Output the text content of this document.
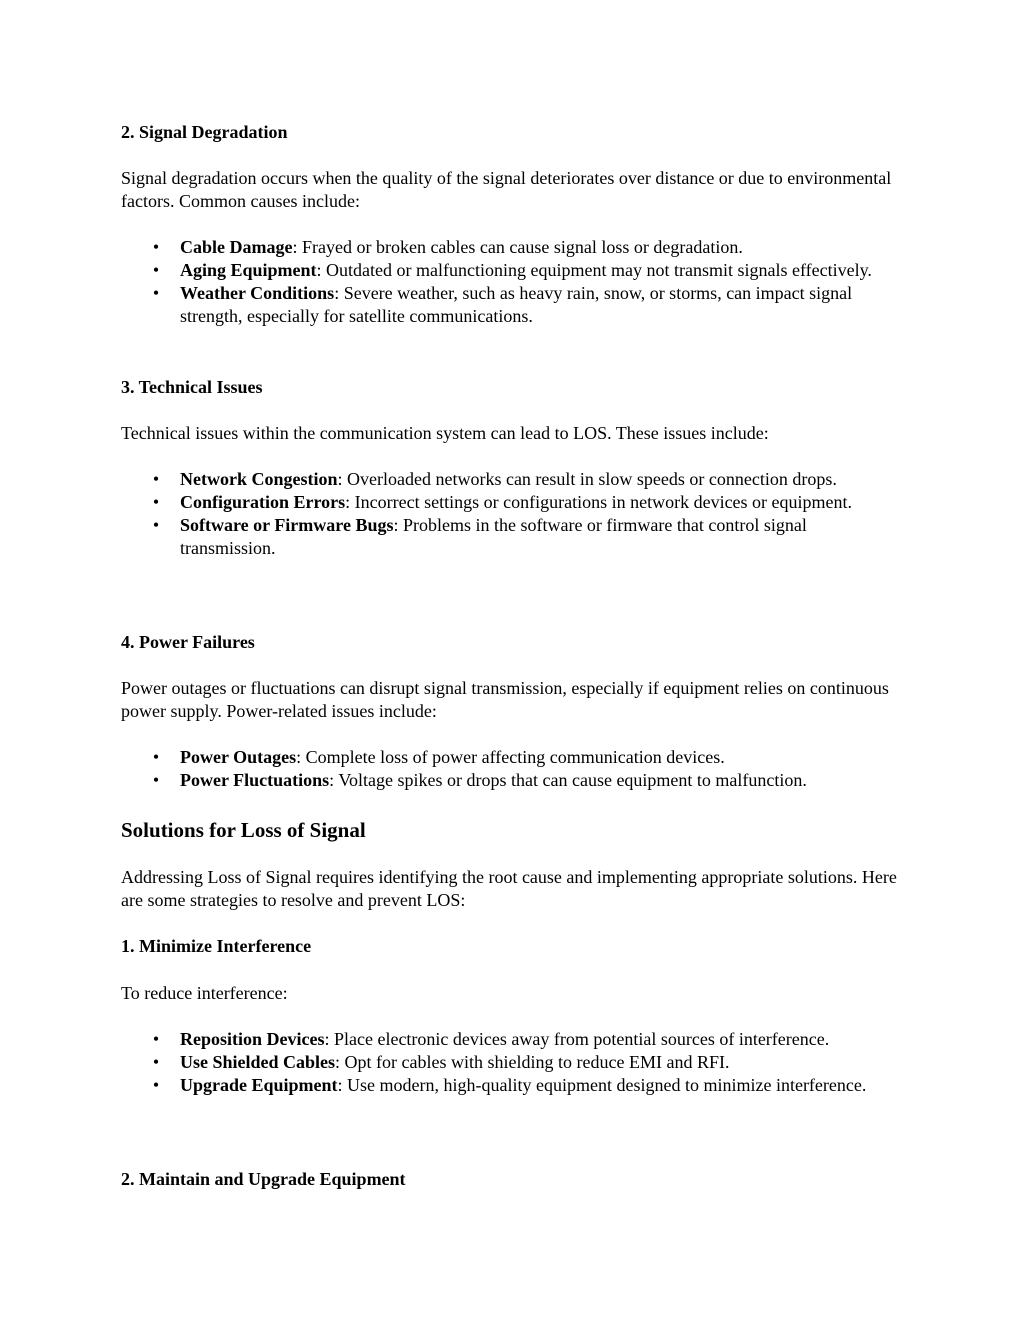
2. Signal Degradation

Signal degradation occurs when the quality of the signal deteriorates over distance or due to environmental factors. Common causes include:

• Cable Damage: Frayed or broken cables can cause signal loss or degradation.
• Aging Equipment: Outdated or malfunctioning equipment may not transmit signals effectively.
• Weather Conditions: Severe weather, such as heavy rain, snow, or storms, can impact signal strength, especially for satellite communications.
3. Technical Issues

Technical issues within the communication system can lead to LOS. These issues include:

• Network Congestion: Overloaded networks can result in slow speeds or connection drops.
• Configuration Errors: Incorrect settings or configurations in network devices or equipment.
• Software or Firmware Bugs: Problems in the software or firmware that control signal transmission.
4. Power Failures

Power outages or fluctuations can disrupt signal transmission, especially if equipment relies on continuous power supply. Power-related issues include:

• Power Outages: Complete loss of power affecting communication devices.
• Power Fluctuations: Voltage spikes or drops that can cause equipment to malfunction.
Solutions for Loss of Signal

Addressing Loss of Signal requires identifying the root cause and implementing appropriate solutions. Here are some strategies to resolve and prevent LOS:

1. Minimize Interference

To reduce interference:

• Reposition Devices: Place electronic devices away from potential sources of interference.
• Use Shielded Cables: Opt for cables with shielding to reduce EMI and RFI.
• Upgrade Equipment: Use modern, high-quality equipment designed to minimize interference.
2. Maintain and Upgrade Equipment
